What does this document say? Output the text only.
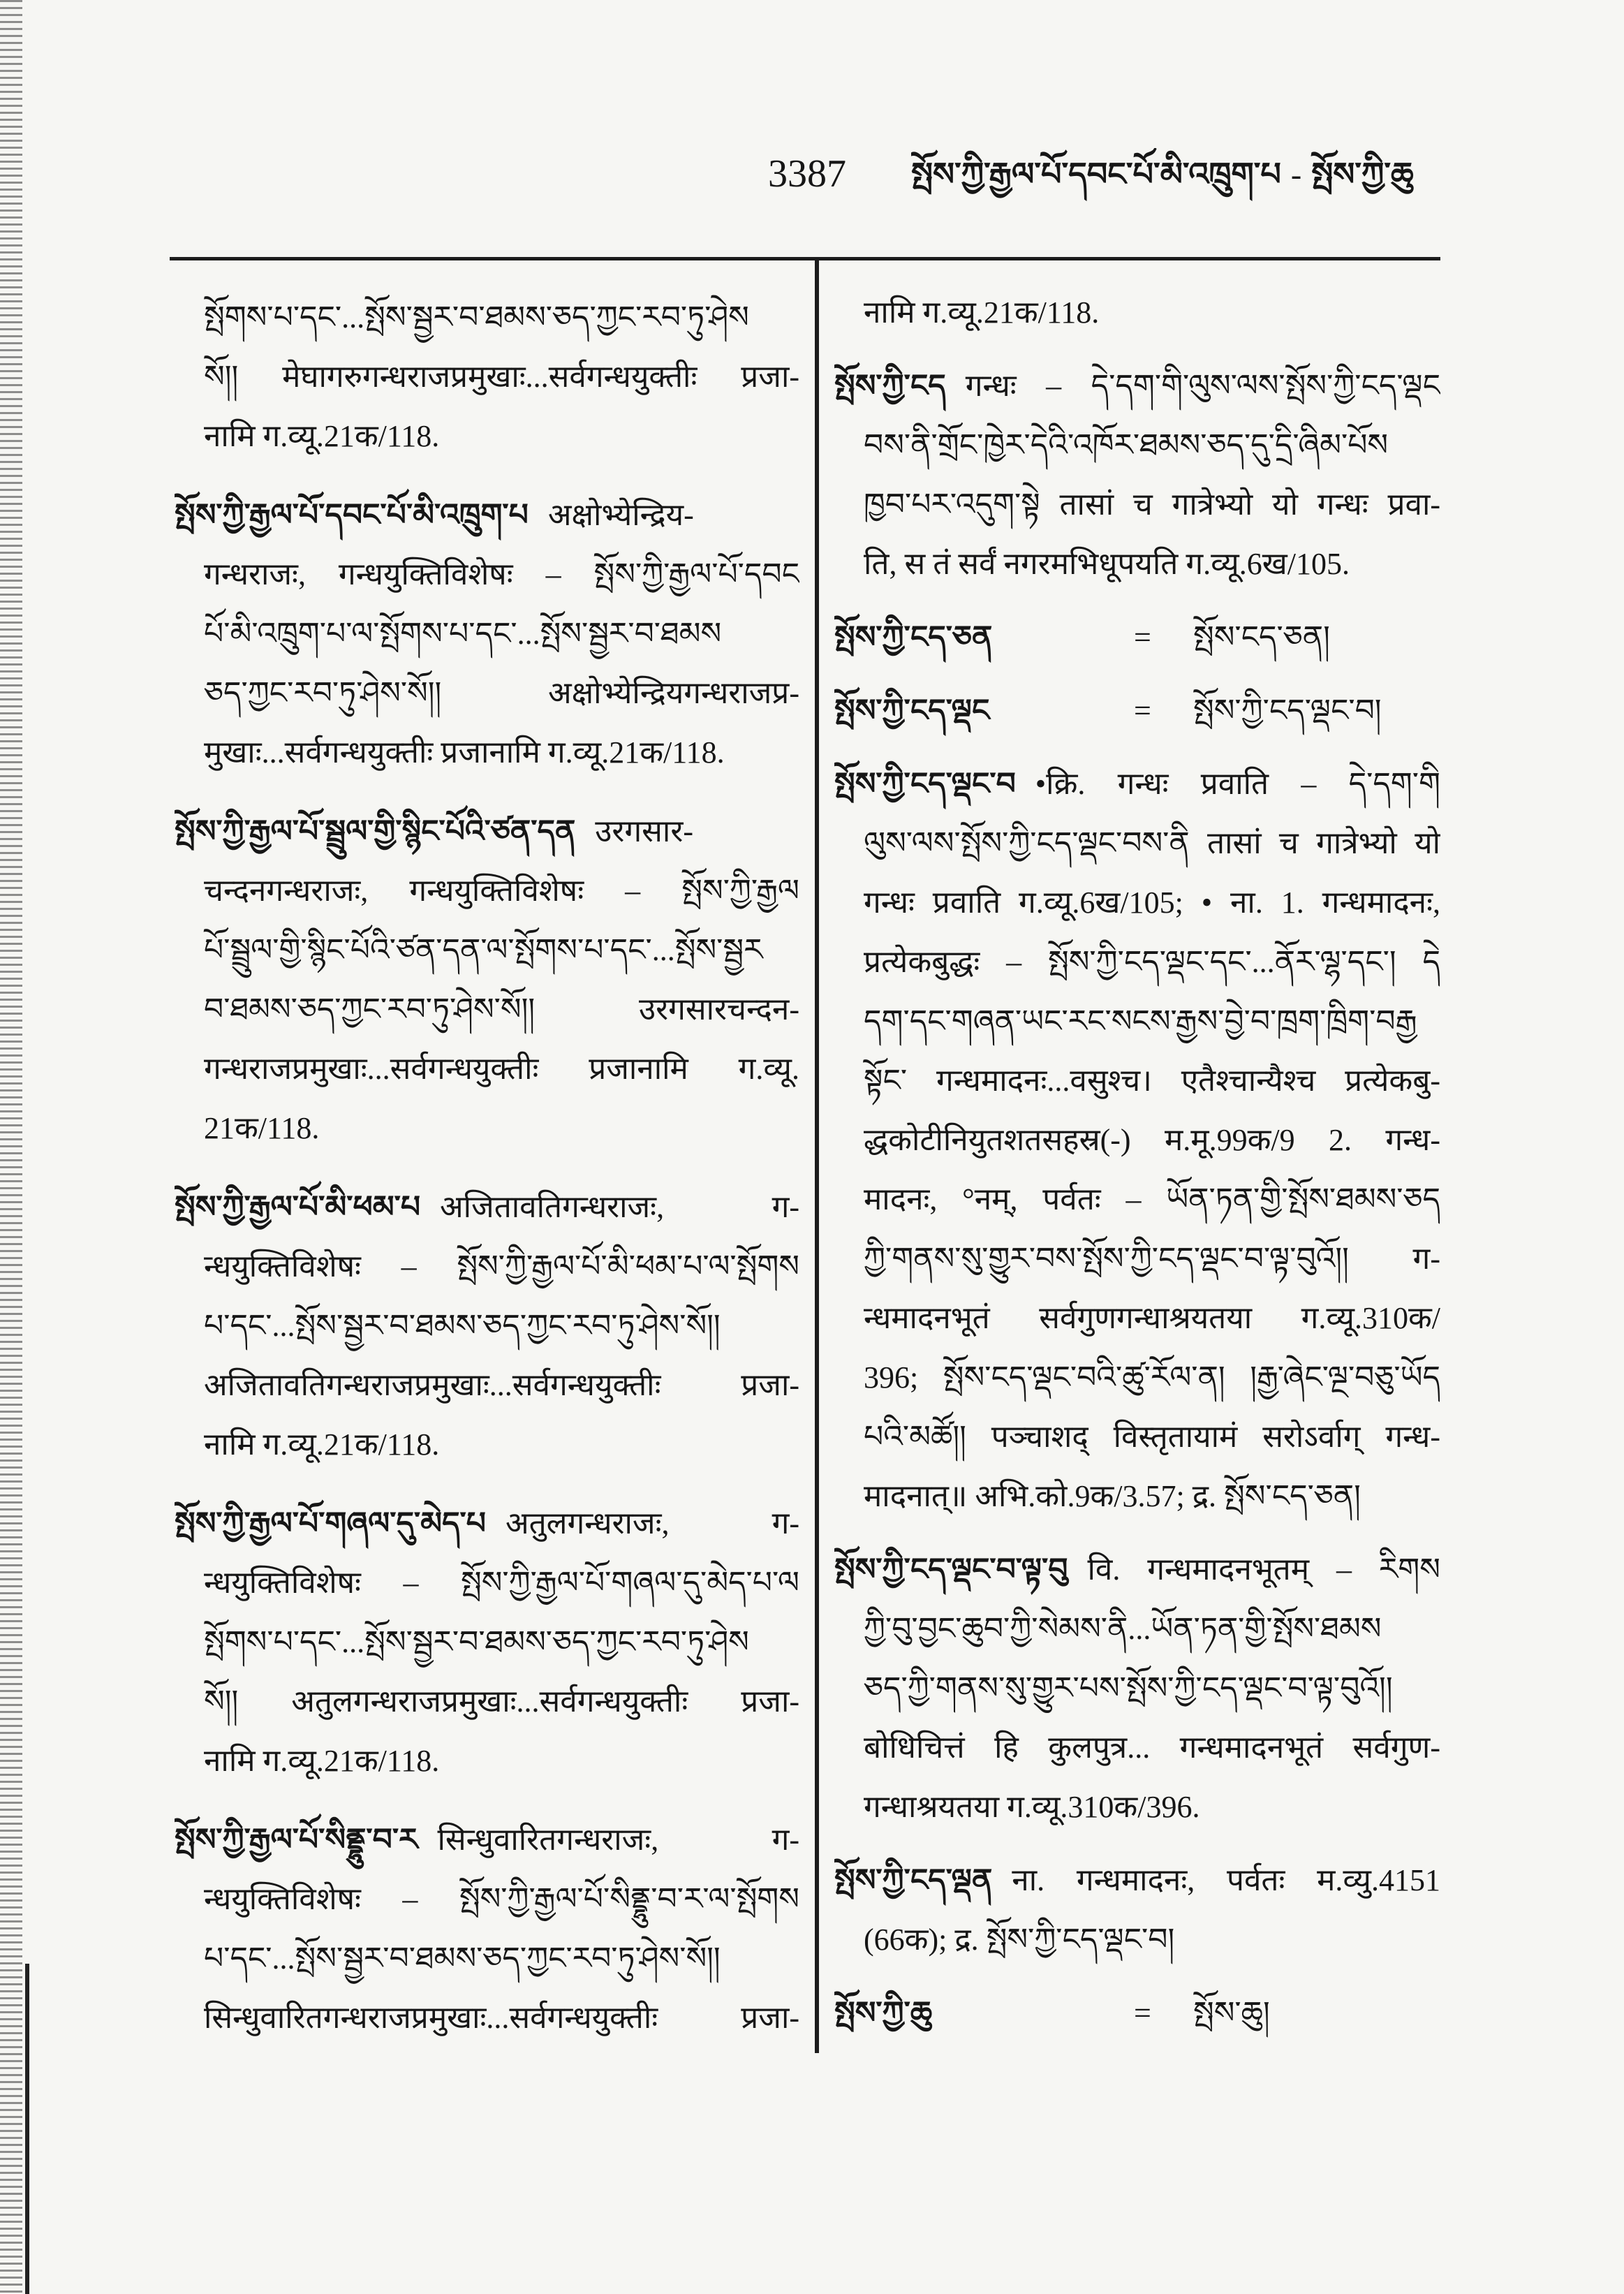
3387 སྤོས་ཀྱི་རྒྱལ་པོ་དབང་པོ་མི་འཁྲུག་པ - སྤོས་ཀྱི་ཆུ
སྤོགས་པ་དང་...སྤོས་སྦྱར་བ་ཐམས་ཅད་ཀྱང་རབ་ཏུ་ཤེས
སོ།། मेघागरुगन्धराजप्रमुखाः...सर्वगन्धयुक्तीः प्रजा-
नामि ग.व्यू.21क/118.
སྤོས་ཀྱི་རྒྱལ་པོ་དབང་པོ་མི་འཁྲུག་པ अक्षोभ्येन्द्रिय-
गन्धराजः, गन्धयुक्तिविशेषः – སྤོས་ཀྱི་རྒྱལ་པོ་དབང
པོ་མི་འཁྲུག་པ་ལ་སྤོགས་པ་དང་...སྤོས་སྦྱར་བ་ཐམས
ཅད་ཀྱང་རབ་ཏུ་ཤེས་སོ།། अक्षोभ्येन्द्रियगन्धराजप्र-
मुखाः...सर्वगन्धयुक्तीः प्रजानामि ग.व्यू.21क/118.
སྤོས་ཀྱི་རྒྱལ་པོ་སྦྲུལ་གྱི་སྙིང་པོའི་ཙན་དན उरगसार-
चन्दनगन्धराजः, गन्धयुक्तिविशेषः – སྤོས་ཀྱི་རྒྱལ
པོ་སྦྲུལ་གྱི་སྙིང་པོའི་ཙན་དན་ལ་སྤོགས་པ་དང་...སྤོས་སྦྱར
བ་ཐམས་ཅད་ཀྱང་རབ་ཏུ་ཤེས་སོ།། उरगसारचन्दन-
गन्धराजप्रमुखाः...सर्वगन्धयुक्तीः प्रजानामि ग.व्यू.
21क/118.
སྤོས་ཀྱི་རྒྱལ་པོ་མི་ཕམ་པ अजितावतिगन्धराजः, ग-
न्धयुक्तिविशेषः – སྤོས་ཀྱི་རྒྱལ་པོ་མི་ཕམ་པ་ལ་སྤོགས
པ་དང་...སྤོས་སྦྱར་བ་ཐམས་ཅད་ཀྱང་རབ་ཏུ་ཤེས་སོ།།
अजितावतिगन्धराजप्रमुखाः...सर्वगन्धयुक्तीः प्रजा-
नामि ग.व्यू.21क/118.
སྤོས་ཀྱི་རྒྱལ་པོ་གཞལ་དུ་མེད་པ अतुलगन्धराजः, ग-
न्धयुक्तिविशेषः – སྤོས་ཀྱི་རྒྱལ་པོ་གཞལ་དུ་མེད་པ་ལ
སྤོགས་པ་དང་...སྤོས་སྦྱར་བ་ཐམས་ཅད་ཀྱང་རབ་ཏུ་ཤེས
སོ།། अतुलगन्धराजप्रमुखाः...सर्वगन्धयुक्तीः प्रजा-
नामि ग.व्यू.21क/118.
སྤོས་ཀྱི་རྒྱལ་པོ་སིནྡྷུ་བ་ར सिन्धुवारितगन्धराजः, ग-
न्धयुक्तिविशेषः – སྤོས་ཀྱི་རྒྱལ་པོ་སིནྡྷུ་བ་ར་ལ་སྤོགས
པ་དང་...སྤོས་སྦྱར་བ་ཐམས་ཅད་ཀྱང་རབ་ཏུ་ཤེས་སོ།།
सिन्धुवारितगन्धराजप्रमुखाः...सर्वगन्धयुक्तीः प्रजा-
नामि ग.व्यू.21क/118.
སྤོས་ཀྱི་ངད गन्धः – དེ་དག་གི་ལུས་ལས་སྤོས་ཀྱི་ངད་ལྡང
བས་ནི་གྲོང་ཁྱེར་དེའི་འཁོར་ཐམས་ཅད་དུ་དྲི་ཞིམ་པོས
ཁྱབ་པར་འདུག་སྟེ तासां च गात्रेभ्यो यो गन्धः प्रवा-
ति, स तं सर्वं नगरमभिधूपयति ग.व्यू.6ख/105.
སྤོས་ཀྱི་ངད་ཅན	= སྤོས་ངད་ཅན།
སྤོས་ཀྱི་ངད་ལྡང	= སྤོས་ཀྱི་ངད་ལྡང་བ།
སྤོས་ཀྱི་ངད་ལྡང་བ •क्रि. गन्धः प्रवाति – དེ་དག་གི
ལུས་ལས་སྤོས་ཀྱི་ངད་ལྡང་བས་ནི तासां च गात्रेभ्यो यो
गन्धः प्रवाति ग.व्यू.6ख/105; • ना. 1. गन्धमादनः,
प्रत्येकबुद्धः – སྤོས་ཀྱི་ངད་ལྡང་དང་...ནོར་ལྷ་དང་། དེ
དག་དང་གཞན་ཡང་རང་སངས་རྒྱས་བྱེ་བ་ཁྲག་ཁྲིག་བརྒྱ
སྟོང་ गन्धमादनः...वसुश्च। एतैश्चान्यैश्च प्रत्येकबु-
द्धकोटीनियुतशतसहस्र(-) म.मू.99क/9 2. गन्ध-
मादनः, °नम्, पर्वतः – ཡོན་ཏན་གྱི་སྤོས་ཐམས་ཅད
ཀྱི་གནས་སུ་གྱུར་བས་སྤོས་ཀྱི་ངད་ལྡང་བ་ལྟ་བུའོ།། ग-
न्धमादनभूतं सर्वगुणगन्धाश्रयतया ग.व्यू.310क/
396; སྤོས་ངད་ལྡང་བའི་ཚུ་རོལ་ན། །རྒྱ་ཞེང་ལྔ་བཅུ་ཡོད
པའི་མཚོ།། पञ्चाशद् विस्तृतायामं सरोऽर्वाग् गन्ध-
मादनात्॥ अभि.को.9क/3.57; द्र. སྤོས་ངད་ཅན།
སྤོས་ཀྱི་ངད་ལྡང་བ་ལྟ་བུ वि. गन्धमादनभूतम् – རིགས
ཀྱི་བུ་བྱང་ཆུབ་ཀྱི་སེམས་ནི...ཡོན་ཏན་གྱི་སྤོས་ཐམས
ཅད་ཀྱི་གནས་སུ་གྱུར་པས་སྤོས་ཀྱི་ངད་ལྡང་བ་ལྟ་བུའོ།།
बोधिचित्तं हि कुलपुत्र... गन्धमादनभूतं सर्वगुण-
गन्धाश्रयतया ग.व्यू.310क/396.
སྤོས་ཀྱི་ངད་ལྡན ना. गन्धमादनः, पर्वतः म.व्यु.4151
(66क); द्र. སྤོས་ཀྱི་ངད་ལྡང་བ།
སྤོས་ཀྱི་ཆུ	= སྤོས་ཆུ།
